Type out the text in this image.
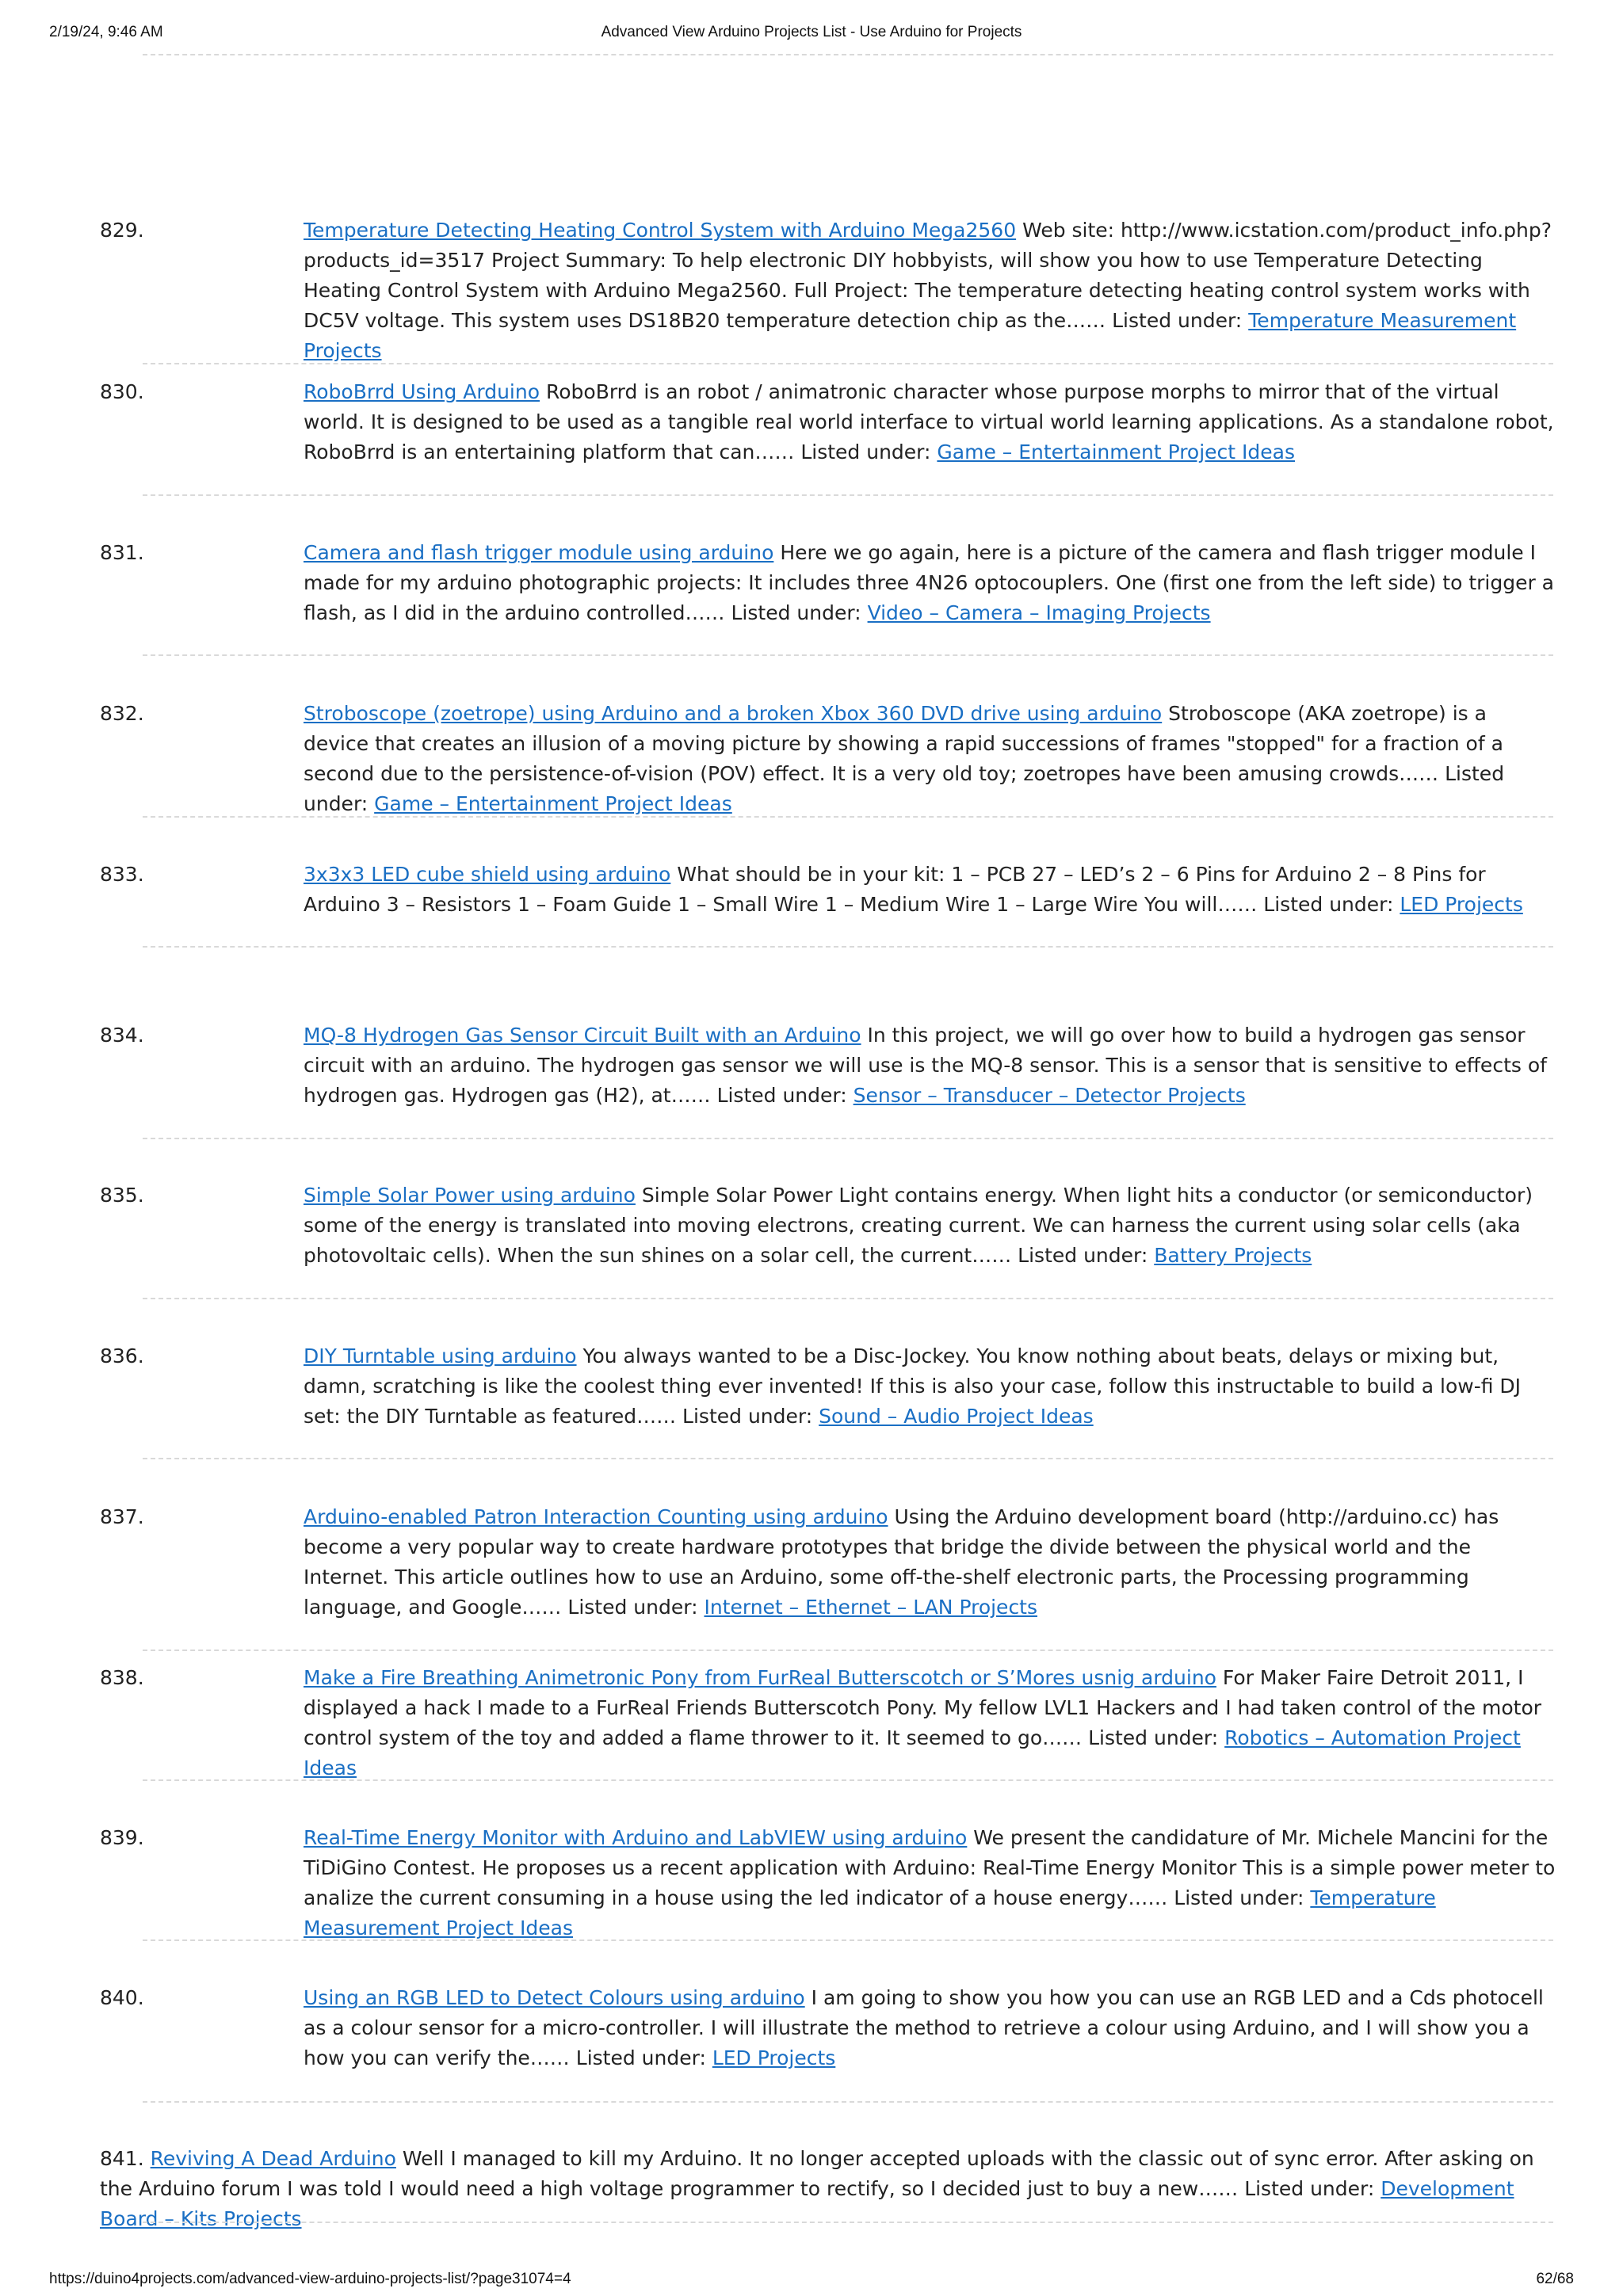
2/19/24, 9:46 AM	Advanced View Arduino Projects List - Use Arduino for Projects
829.	Temperature Detecting Heating Control System with Arduino Mega2560 Web site: http://www.icstation.com/product_info.php?products_id=3517 Project Summary: To help electronic DIY hobbyists, will show you how to use Temperature Detecting Heating Control System with Arduino Mega2560. Full Project: The temperature detecting heating control system works with DC5V voltage. This system uses DS18B20 temperature detection chip as the…… Listed under: Temperature Measurement Projects
830.	RoboBrrd Using Arduino RoboBrrd is an robot / animatronic character whose purpose morphs to mirror that of the virtual world. It is designed to be used as a tangible real world interface to virtual world learning applications. As a standalone robot, RoboBrrd is an entertaining platform that can…… Listed under: Game – Entertainment Project Ideas
831.	Camera and flash trigger module using arduino Here we go again, here is a picture of the camera and flash trigger module I made for my arduino photographic projects: It includes three 4N26 optocouplers. One (first one from the left side) to trigger a flash, as I did in the arduino controlled…… Listed under: Video – Camera – Imaging Projects
832.	Stroboscope (zoetrope) using Arduino and a broken Xbox 360 DVD drive using arduino Stroboscope (AKA zoetrope) is a device that creates an illusion of a moving picture by showing a rapid successions of frames "stopped" for a fraction of a second due to the persistence-of-vision (POV) effect. It is a very old toy; zoetropes have been amusing crowds…… Listed under: Game – Entertainment Project Ideas
833.	3x3x3 LED cube shield using arduino What should be in your kit: 1 – PCB 27 – LED’s 2 – 6 Pins for Arduino 2 – 8 Pins for Arduino 3 – Resistors 1 – Foam Guide 1 – Small Wire 1 – Medium Wire 1 – Large Wire You will…… Listed under: LED Projects
834.	MQ-8 Hydrogen Gas Sensor Circuit Built with an Arduino In this project, we will go over how to build a hydrogen gas sensor circuit with an arduino. The hydrogen gas sensor we will use is the MQ-8 sensor. This is a sensor that is sensitive to effects of hydrogen gas. Hydrogen gas (H2), at…… Listed under: Sensor – Transducer – Detector Projects
835.	Simple Solar Power using arduino Simple Solar Power Light contains energy. When light hits a conductor (or semiconductor) some of the energy is translated into moving electrons, creating current. We can harness the current using solar cells (aka photovoltaic cells). When the sun shines on a solar cell, the current…… Listed under: Battery Projects
836.	DIY Turntable using arduino You always wanted to be a Disc-Jockey. You know nothing about beats, delays or mixing but, damn, scratching is like the coolest thing ever invented! If this is also your case, follow this instructable to build a low-fi DJ set: the DIY Turntable as featured…… Listed under: Sound – Audio Project Ideas
837.	Arduino-enabled Patron Interaction Counting using arduino Using the Arduino development board (http://arduino.cc) has become a very popular way to create hardware prototypes that bridge the divide between the physical world and the Internet. This article outlines how to use an Arduino, some off-the-shelf electronic parts, the Processing programming language, and Google…… Listed under: Internet – Ethernet – LAN Projects
838.	Make a Fire Breathing Animetronic Pony from FurReal Butterscotch or S’Mores usnig arduino For Maker Faire Detroit 2011, I displayed a hack I made to a FurReal Friends Butterscotch Pony. My fellow LVL1 Hackers and I had taken control of the motor control system of the toy and added a flame thrower to it. It seemed to go…… Listed under: Robotics – Automation Project Ideas
839.	Real-Time Energy Monitor with Arduino and LabVIEW using arduino We present the candidature of Mr. Michele Mancini for the TiDiGino Contest. He proposes us a recent application with Arduino: Real-Time Energy Monitor This is a simple power meter to analize the current consuming in a house using the led indicator of a house energy…… Listed under: Temperature Measurement Project Ideas
840.	Using an RGB LED to Detect Colours using arduino I am going to show you how you can use an RGB LED and a Cds photocell as a colour sensor for a micro-controller. I will illustrate the method to retrieve a colour using Arduino, and I will show you a how you can verify the…… Listed under: LED Projects
841. Reviving A Dead Arduino Well I managed to kill my Arduino. It no longer accepted uploads with the classic out of sync error. After asking on the Arduino forum I was told I would need a high voltage programmer to rectify, so I decided just to buy a new…… Listed under: Development Board – Kits Projects
https://duino4projects.com/advanced-view-arduino-projects-list/?page31074=4	62/68
